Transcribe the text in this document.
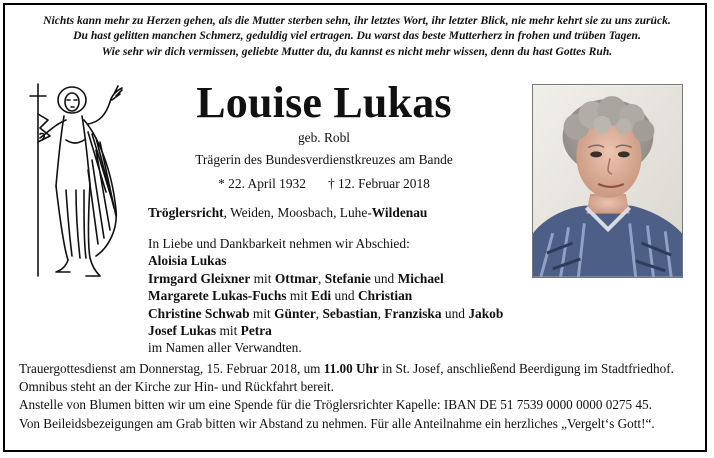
Nichts kann mehr zu Herzen gehen, als die Mutter sterben sehn, ihr letztes Wort, ihr letzter Blick, nie mehr kehrt sie zu uns zurück.
Du hast gelitten manchen Schmerz, geduldig viel ertragen. Du warst das beste Mutterherz in frohen und trüben Tagen.
Wie sehr wir dich vermissen, geliebte Mutter du, du kannst es nicht mehr wissen, denn du hast Gottes Ruh.
Louise Lukas
geb. Robl
Trägerin des Bundesverdienstkreuzes am Bande
* 22. April 1932 † 12. Februar 2018
Tröglersricht, Weiden, Moosbach, Luhe-Wildenau
In Liebe und Dankbarkeit nehmen wir Abschied:
Aloisia Lukas
Irmgard Gleixner mit Ottmar, Stefanie und Michael
Margarete Lukas-Fuchs mit Edi und Christian
Christine Schwab mit Günter, Sebastian, Franziska und Jakob
Josef Lukas mit Petra
im Namen aller Verwandten.
Trauergottesdienst am Donnerstag, 15. Februar 2018, um 11.00 Uhr in St. Josef, anschließend Beerdigung im Stadtfriedhof.
Omnibus steht an der Kirche zur Hin- und Rückfahrt bereit.
Anstelle von Blumen bitten wir um eine Spende für die Tröglersrichter Kapelle: IBAN DE 51 7539 0000 0000 0275 45.
Von Beileidsbezeigungen am Grab bitten wir Abstand zu nehmen. Für alle Anteilnahme ein herzliches „Vergelt‘s Gott!“.
